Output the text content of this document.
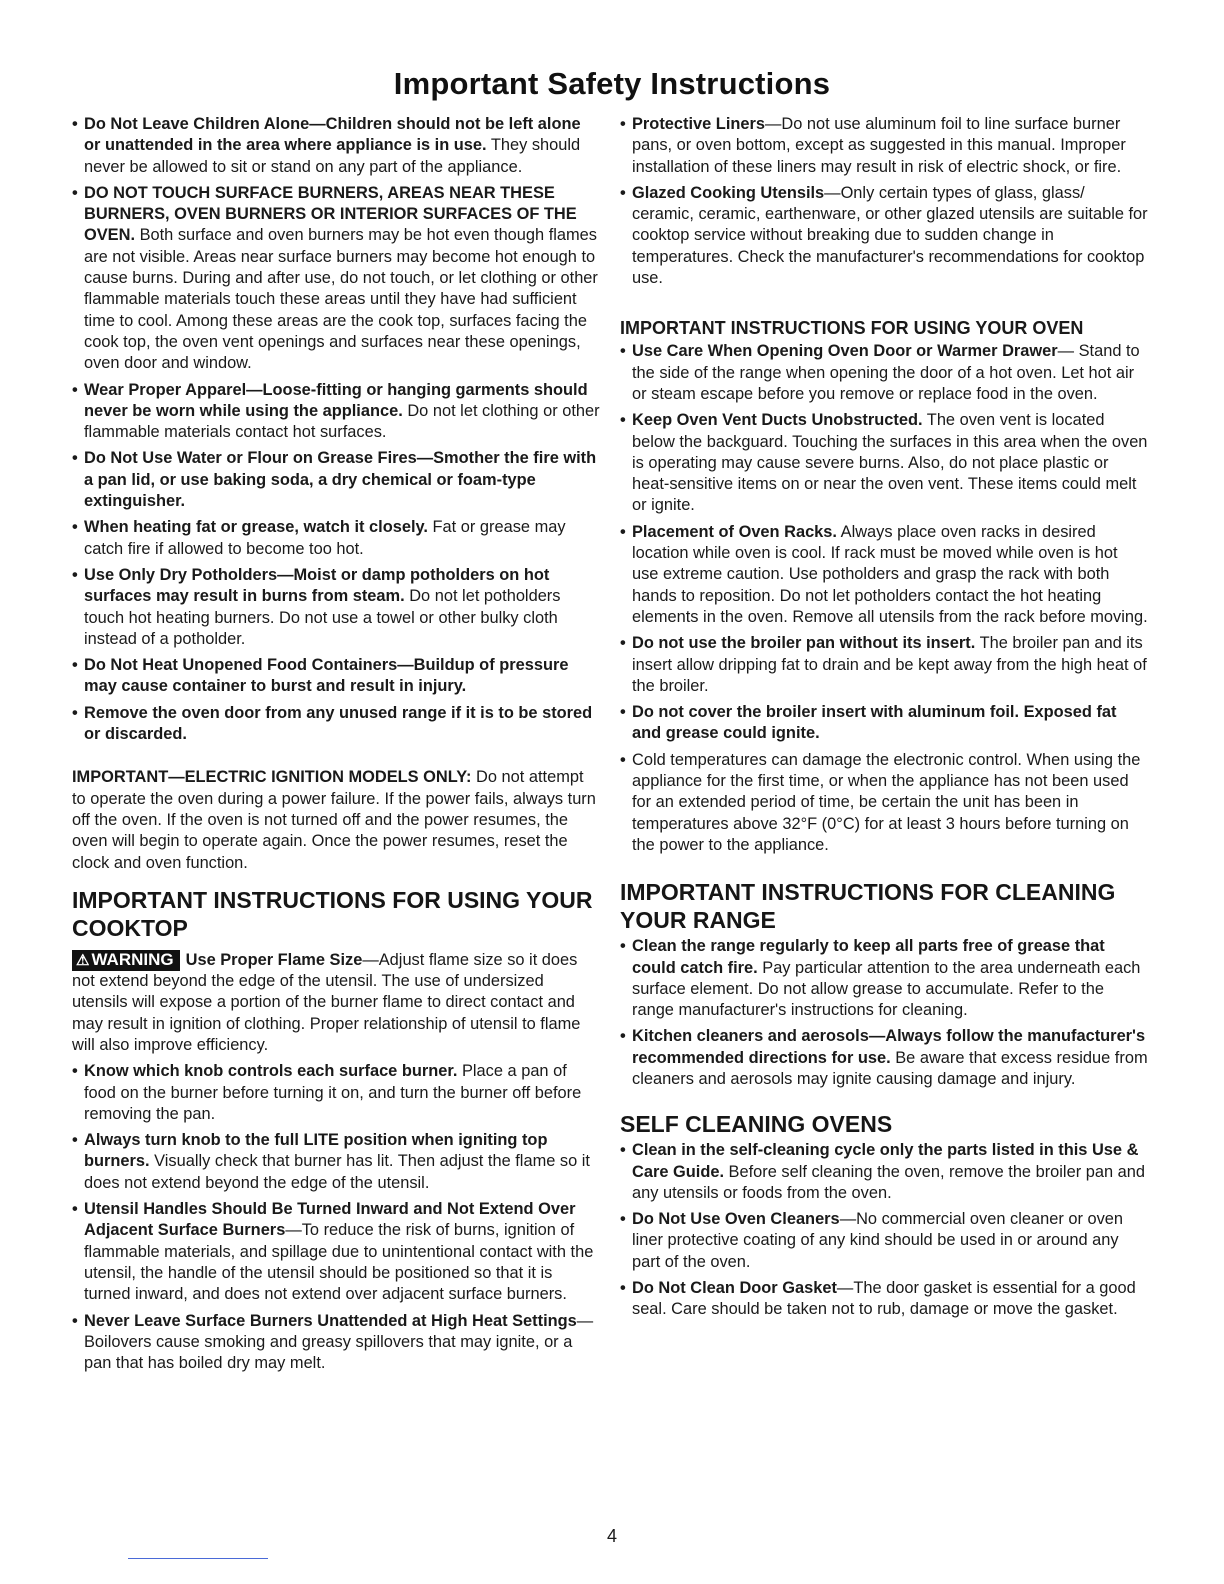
Important Safety Instructions
• Do Not Leave Children Alone—Children should not be left alone or unattended in the area where appliance is in use. They should never be allowed to sit or stand on any part of the appliance.
• DO NOT TOUCH SURFACE BURNERS, AREAS NEAR THESE BURNERS, OVEN BURNERS OR INTERIOR SURFACES OF THE OVEN. Both surface and oven burners may be hot even though flames are not visible. Areas near surface burners may become hot enough to cause burns. During and after use, do not touch, or let clothing or other flammable materials touch these areas until they have had sufficient time to cool. Among these areas are the cook top, surfaces facing the cook top, the oven vent openings and surfaces near these openings, oven door and window.
• Wear Proper Apparel—Loose-fitting or hanging garments should never be worn while using the appliance. Do not let clothing or other flammable materials contact hot surfaces.
• Do Not Use Water or Flour on Grease Fires—Smother the fire with a pan lid, or use baking soda, a dry chemical or foam-type extinguisher.
• When heating fat or grease, watch it closely. Fat or grease may catch fire if allowed to become too hot.
• Use Only Dry Potholders—Moist or damp potholders on hot surfaces may result in burns from steam. Do not let potholders touch hot heating burners. Do not use a towel or other bulky cloth instead of a potholder.
• Do Not Heat Unopened Food Containers—Buildup of pressure may cause container to burst and result in injury.
• Remove the oven door from any unused range if it is to be stored or discarded.
IMPORTANT—ELECTRIC IGNITION MODELS ONLY: Do not attempt to operate the oven during a power failure. If the power fails, always turn off the oven. If the oven is not turned off and the power resumes, the oven will begin to operate again. Once the power resumes, reset the clock and oven function.
IMPORTANT INSTRUCTIONS FOR USING YOUR COOKTOP
⚠ WARNING Use Proper Flame Size—Adjust flame size so it does not extend beyond the edge of the utensil. The use of undersized utensils will expose a portion of the burner flame to direct contact and may result in ignition of clothing. Proper relationship of utensil to flame will also improve efficiency.
• Know which knob controls each surface burner. Place a pan of food on the burner before turning it on, and turn the burner off before removing the pan.
• Always turn knob to the full LITE position when igniting top burners. Visually check that burner has lit. Then adjust the flame so it does not extend beyond the edge of the utensil.
• Utensil Handles Should Be Turned Inward and Not Extend Over Adjacent Surface Burners—To reduce the risk of burns, ignition of flammable materials, and spillage due to unintentional contact with the utensil, the handle of the utensil should be positioned so that it is turned inward, and does not extend over adjacent surface burners.
• Never Leave Surface Burners Unattended at High Heat Settings—Boilovers cause smoking and greasy spillovers that may ignite, or a pan that has boiled dry may melt.
• Protective Liners—Do not use aluminum foil to line surface burner pans, or oven bottom, except as suggested in this manual. Improper installation of these liners may result in risk of electric shock, or fire.
• Glazed Cooking Utensils—Only certain types of glass, glass/ ceramic, ceramic, earthenware, or other glazed utensils are suitable for cooktop service without breaking due to sudden change in temperatures. Check the manufacturer's recommendations for cooktop use.
IMPORTANT INSTRUCTIONS FOR USING YOUR OVEN
• Use Care When Opening Oven Door or Warmer Drawer— Stand to the side of the range when opening the door of a hot oven. Let hot air or steam escape before you remove or replace food in the oven.
• Keep Oven Vent Ducts Unobstructed. The oven vent is located below the backguard. Touching the surfaces in this area when the oven is operating may cause severe burns. Also, do not place plastic or heat-sensitive items on or near the oven vent. These items could melt or ignite.
• Placement of Oven Racks. Always place oven racks in desired location while oven is cool. If rack must be moved while oven is hot use extreme caution. Use potholders and grasp the rack with both hands to reposition. Do not let potholders contact the hot heating elements in the oven. Remove all utensils from the rack before moving.
• Do not use the broiler pan without its insert. The broiler pan and its insert allow dripping fat to drain and be kept away from the high heat of the broiler.
• Do not cover the broiler insert with aluminum foil. Exposed fat and grease could ignite.
• Cold temperatures can damage the electronic control. When using the appliance for the first time, or when the appliance has not been used for an extended period of time, be certain the unit has been in temperatures above 32°F (0°C) for at least 3 hours before turning on the power to the appliance.
IMPORTANT INSTRUCTIONS FOR CLEANING YOUR RANGE
• Clean the range regularly to keep all parts free of grease that could catch fire. Pay particular attention to the area underneath each surface element. Do not allow grease to accumulate. Refer to the range manufacturer's instructions for cleaning.
• Kitchen cleaners and aerosols—Always follow the manufacturer's recommended directions for use. Be aware that excess residue from cleaners and aerosols may ignite causing damage and injury.
SELF CLEANING OVENS
• Clean in the self-cleaning cycle only the parts listed in this Use & Care Guide. Before self cleaning the oven, remove the broiler pan and any utensils or foods from the oven.
• Do Not Use Oven Cleaners—No commercial oven cleaner or oven liner protective coating of any kind should be used in or around any part of the oven.
• Do Not Clean Door Gasket—The door gasket is essential for a good seal. Care should be taken not to rub, damage or move the gasket.
4
